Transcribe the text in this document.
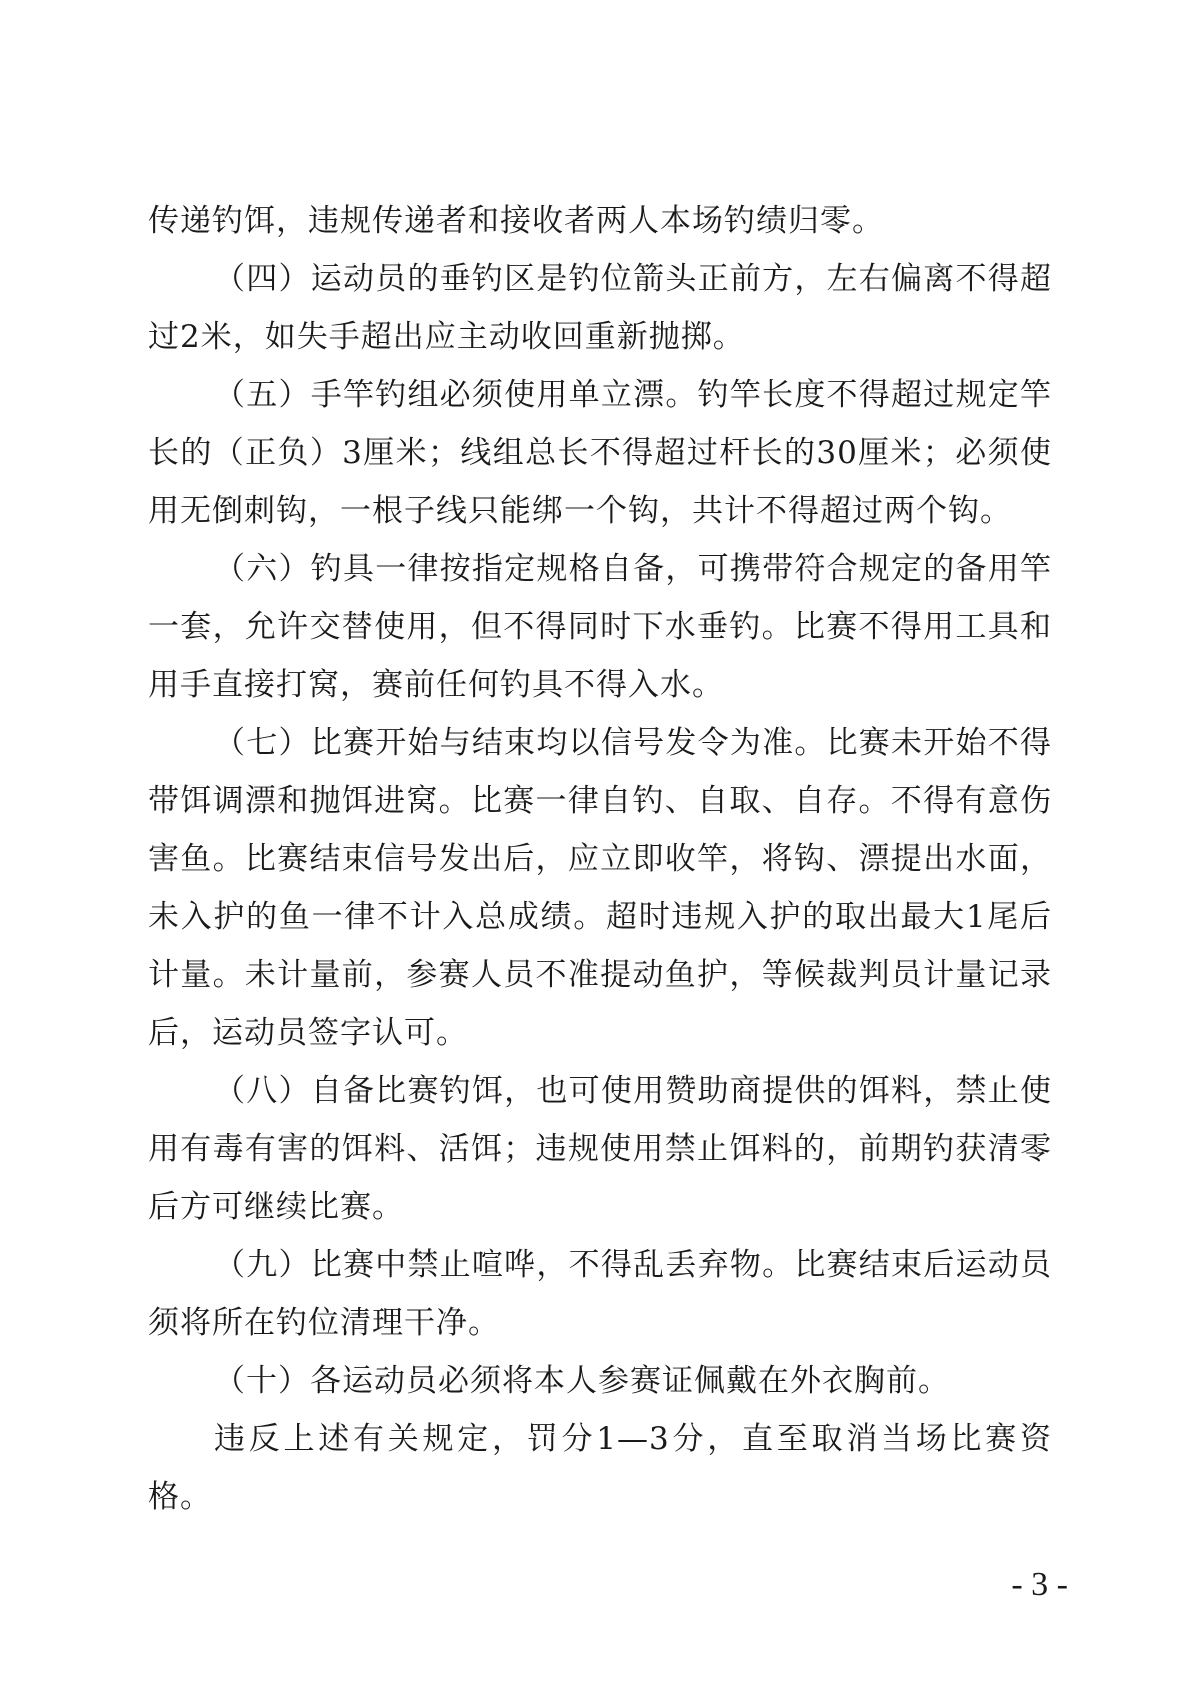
传递钓饵，违规传递者和接收者两人本场钓绩归零。

（四）运动员的垂钓区是钓位箭头正前方，左右偏离不得超过2米，如失手超出应主动收回重新抛掷。

（五）手竿钓组必须使用单立漂。钓竿长度不得超过规定竿长的（正负）3厘米；线组总长不得超过杆长的30厘米；必须使用无倒刺钩，一根子线只能绑一个钩，共计不得超过两个钩。

（六）钓具一律按指定规格自备，可携带符合规定的备用竿一套，允许交替使用，但不得同时下水垂钓。比赛不得用工具和用手直接打窝，赛前任何钓具不得入水。

（七）比赛开始与结束均以信号发令为准。比赛未开始不得带饵调漂和抛饵进窝。比赛一律自钓、自取、自存。不得有意伤害鱼。比赛结束信号发出后，应立即收竿，将钩、漂提出水面，未入护的鱼一律不计入总成绩。超时违规入护的取出最大1尾后计量。未计量前，参赛人员不准提动鱼护，等候裁判员计量记录后，运动员签字认可。

（八）自备比赛钓饵，也可使用赞助商提供的饵料，禁止使用有毒有害的饵料、活饵；违规使用禁止饵料的，前期钓获清零后方可继续比赛。

（九）比赛中禁止喧哗，不得乱丢弃物。比赛结束后运动员须将所在钓位清理干净。

（十）各运动员必须将本人参赛证佩戴在外衣胸前。

违反上述有关规定，罚分1—3分，直至取消当场比赛资格。

- 3 -
